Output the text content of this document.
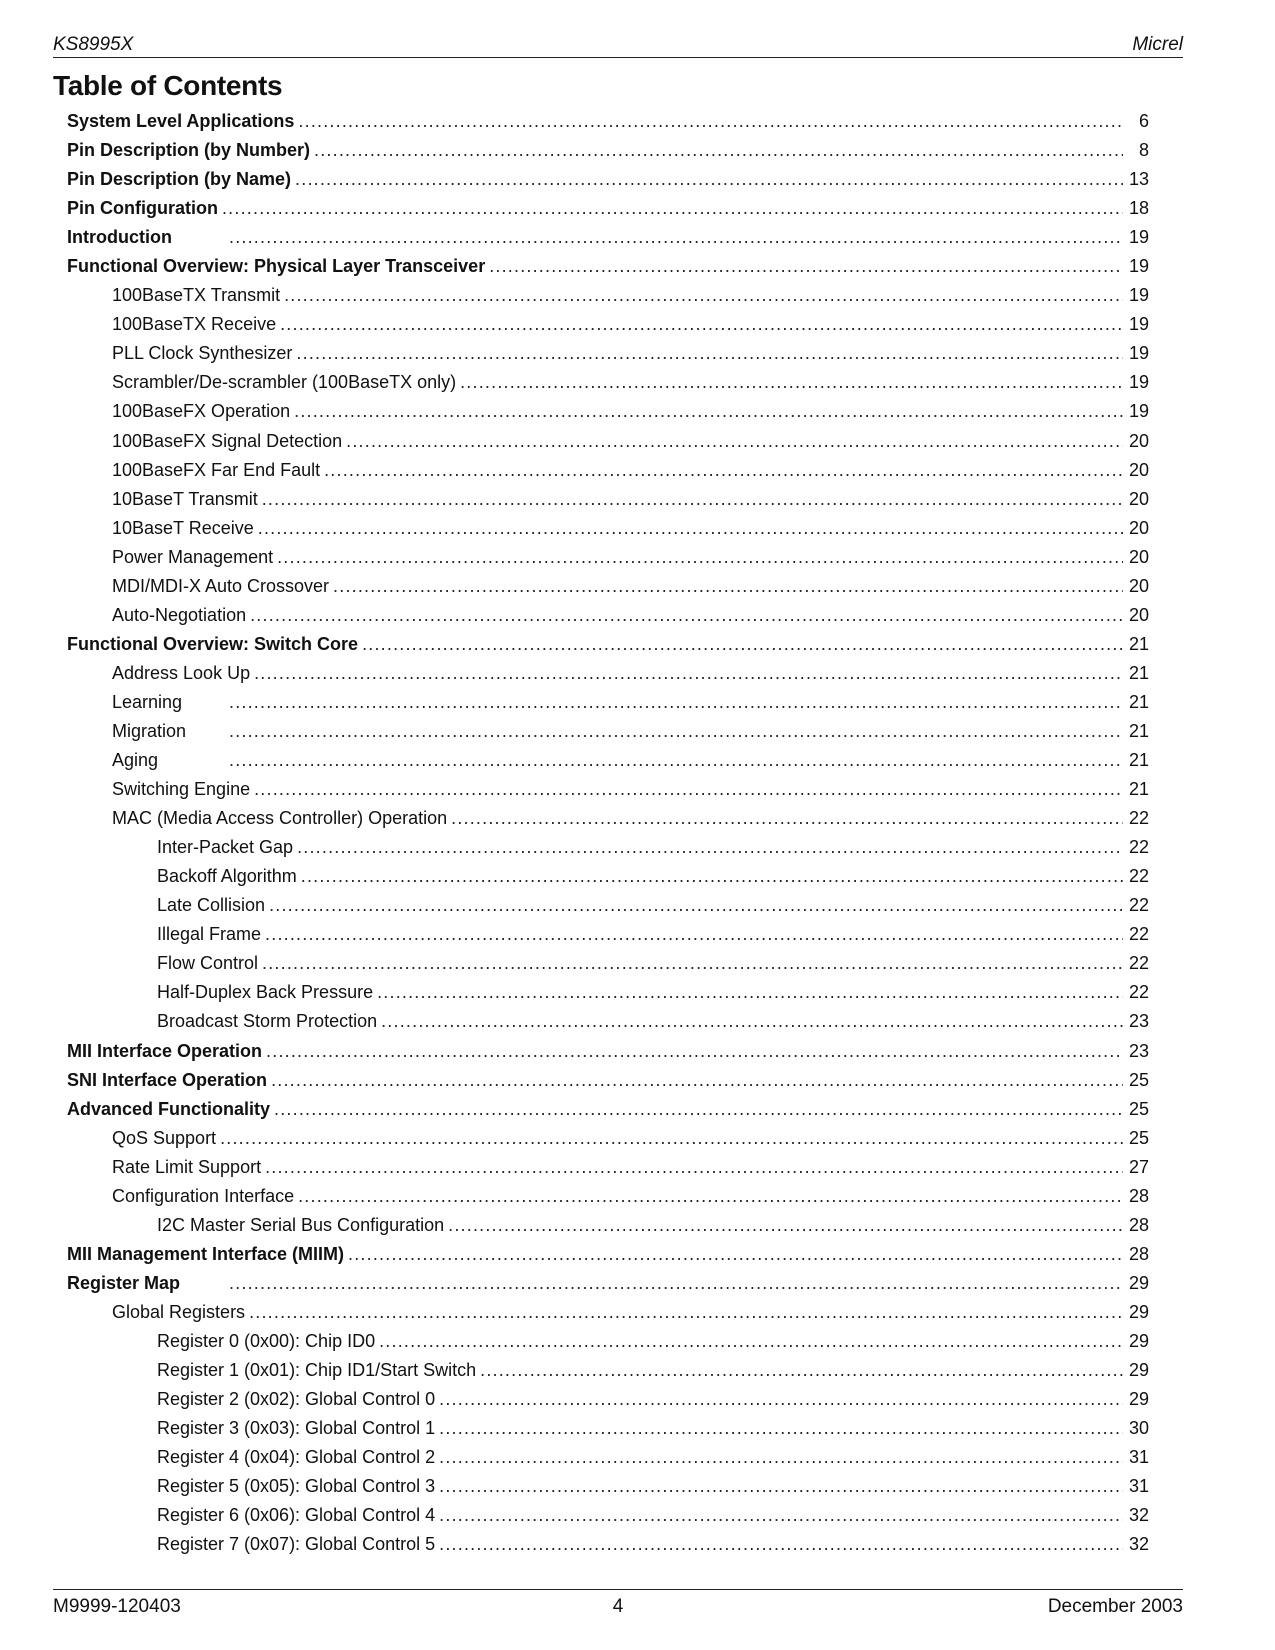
KS8995X	Micrel
Table of Contents
System Level Applications .....	6
Pin Description (by Number) .....	8
Pin Description (by Name) .....	13
Pin Configuration .....	18
Introduction .....	19
Functional Overview: Physical Layer Transceiver .....	19
100BaseTX Transmit .....	19
100BaseTX Receive .....	19
PLL Clock Synthesizer .....	19
Scrambler/De-scrambler (100BaseTX only) .....	19
100BaseFX Operation .....	19
100BaseFX Signal Detection .....	20
100BaseFX Far End Fault .....	20
10BaseT Transmit .....	20
10BaseT Receive .....	20
Power Management .....	20
MDI/MDI-X Auto Crossover .....	20
Auto-Negotiation .....	20
Functional Overview: Switch Core .....	21
Address Look Up .....	21
Learning .....	21
Migration .....	21
Aging .....	21
Switching Engine .....	21
MAC (Media Access Controller) Operation .....	22
Inter-Packet Gap .....	22
Backoff Algorithm .....	22
Late Collision .....	22
Illegal Frame .....	22
Flow Control .....	22
Half-Duplex Back Pressure .....	22
Broadcast Storm Protection .....	23
MII Interface Operation .....	23
SNI Interface Operation .....	25
Advanced Functionality .....	25
QoS Support .....	25
Rate Limit Support .....	27
Configuration Interface .....	28
I2C Master Serial Bus Configuration .....	28
MII Management Interface (MIIM) .....	28
Register Map .....	29
Global Registers .....	29
Register 0 (0x00): Chip ID0 .....	29
Register 1 (0x01): Chip ID1/Start Switch .....	29
Register 2 (0x02): Global Control 0 .....	29
Register 3 (0x03): Global Control 1 .....	30
Register 4 (0x04): Global Control 2 .....	31
Register 5 (0x05): Global Control 3 .....	31
Register 6 (0x06): Global Control 4 .....	32
Register 7 (0x07): Global Control 5 .....	32
M9999-120403	4	December 2003
